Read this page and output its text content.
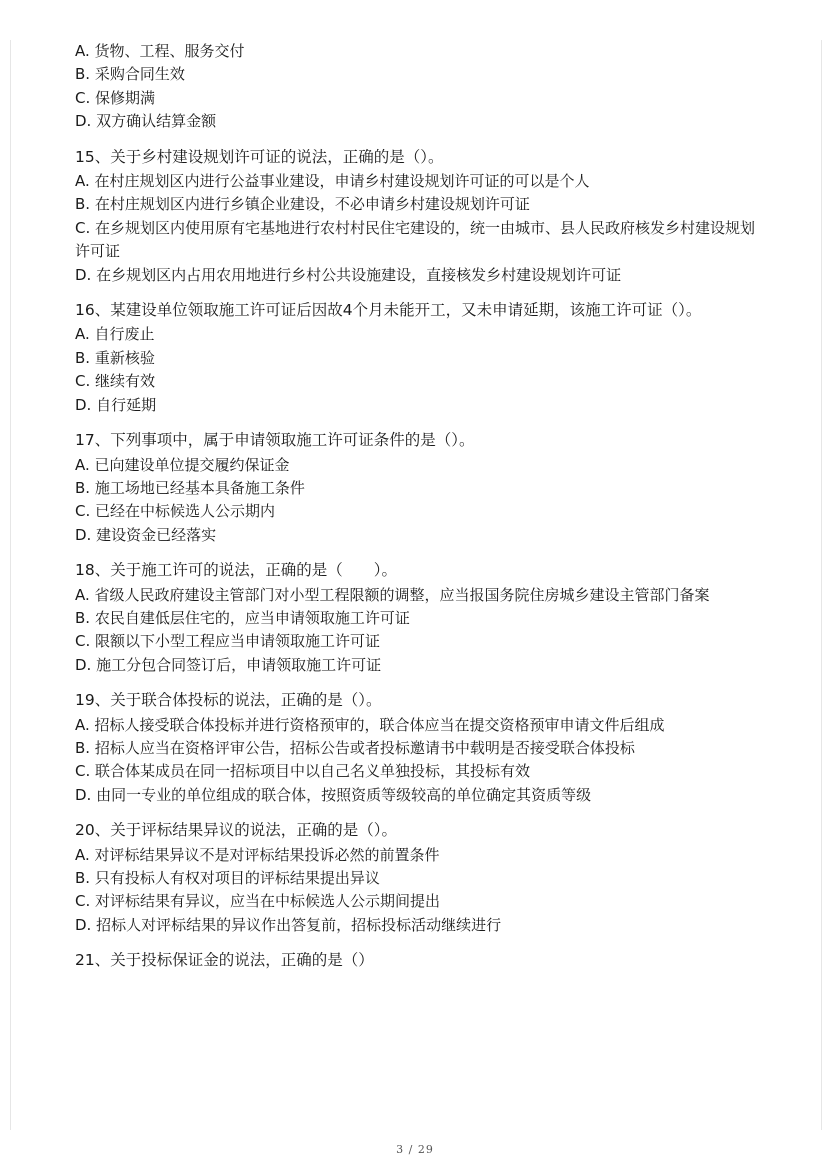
A. 货物、工程、服务交付
B. 采购合同生效
C. 保修期满
D. 双方确认结算金额
15、关于乡村建设规划许可证的说法，正确的是（）。
A. 在村庄规划区内进行公益事业建设，申请乡村建设规划许可证的可以是个人
B. 在村庄规划区内进行乡镇企业建设，不必申请乡村建设规划许可证
C. 在乡规划区内使用原有宅基地进行农村村民住宅建设的，统一由城市、县人民政府核发乡村建设规划许可证
D. 在乡规划区内占用农用地进行乡村公共设施建设，直接核发乡村建设规划许可证
16、某建设单位领取施工许可证后因故4个月未能开工，又未申请延期，该施工许可证（）。
A. 自行废止
B. 重新核验
C. 继续有效
D. 自行延期
17、下列事项中，属于申请领取施工许可证条件的是（）。
A. 已向建设单位提交履约保证金
B. 施工场地已经基本具备施工条件
C. 已经在中标候选人公示期内
D. 建设资金已经落实
18、关于施工许可的说法，正确的是（　　）。
A. 省级人民政府建设主管部门对小型工程限额的调整，应当报国务院住房城乡建设主管部门备案
B. 农民自建低层住宅的，应当申请领取施工许可证
C. 限额以下小型工程应当申请领取施工许可证
D. 施工分包合同签订后，申请领取施工许可证
19、关于联合体投标的说法，正确的是（）。
A. 招标人接受联合体投标并进行资格预审的，联合体应当在提交资格预审申请文件后组成
B. 招标人应当在资格评审公告，招标公告或者投标邀请书中载明是否接受联合体投标
C. 联合体某成员在同一招标项目中以自己名义单独投标，其投标有效
D. 由同一专业的单位组成的联合体，按照资质等级较高的单位确定其资质等级
20、关于评标结果异议的说法，正确的是（）。
A. 对评标结果异议不是对评标结果投诉必然的前置条件
B. 只有投标人有权对项目的评标结果提出异议
C. 对评标结果有异议，应当在中标候选人公示期间提出
D. 招标人对评标结果的异议作出答复前，招标投标活动继续进行
21、关于投标保证金的说法，正确的是（）
3 / 29
